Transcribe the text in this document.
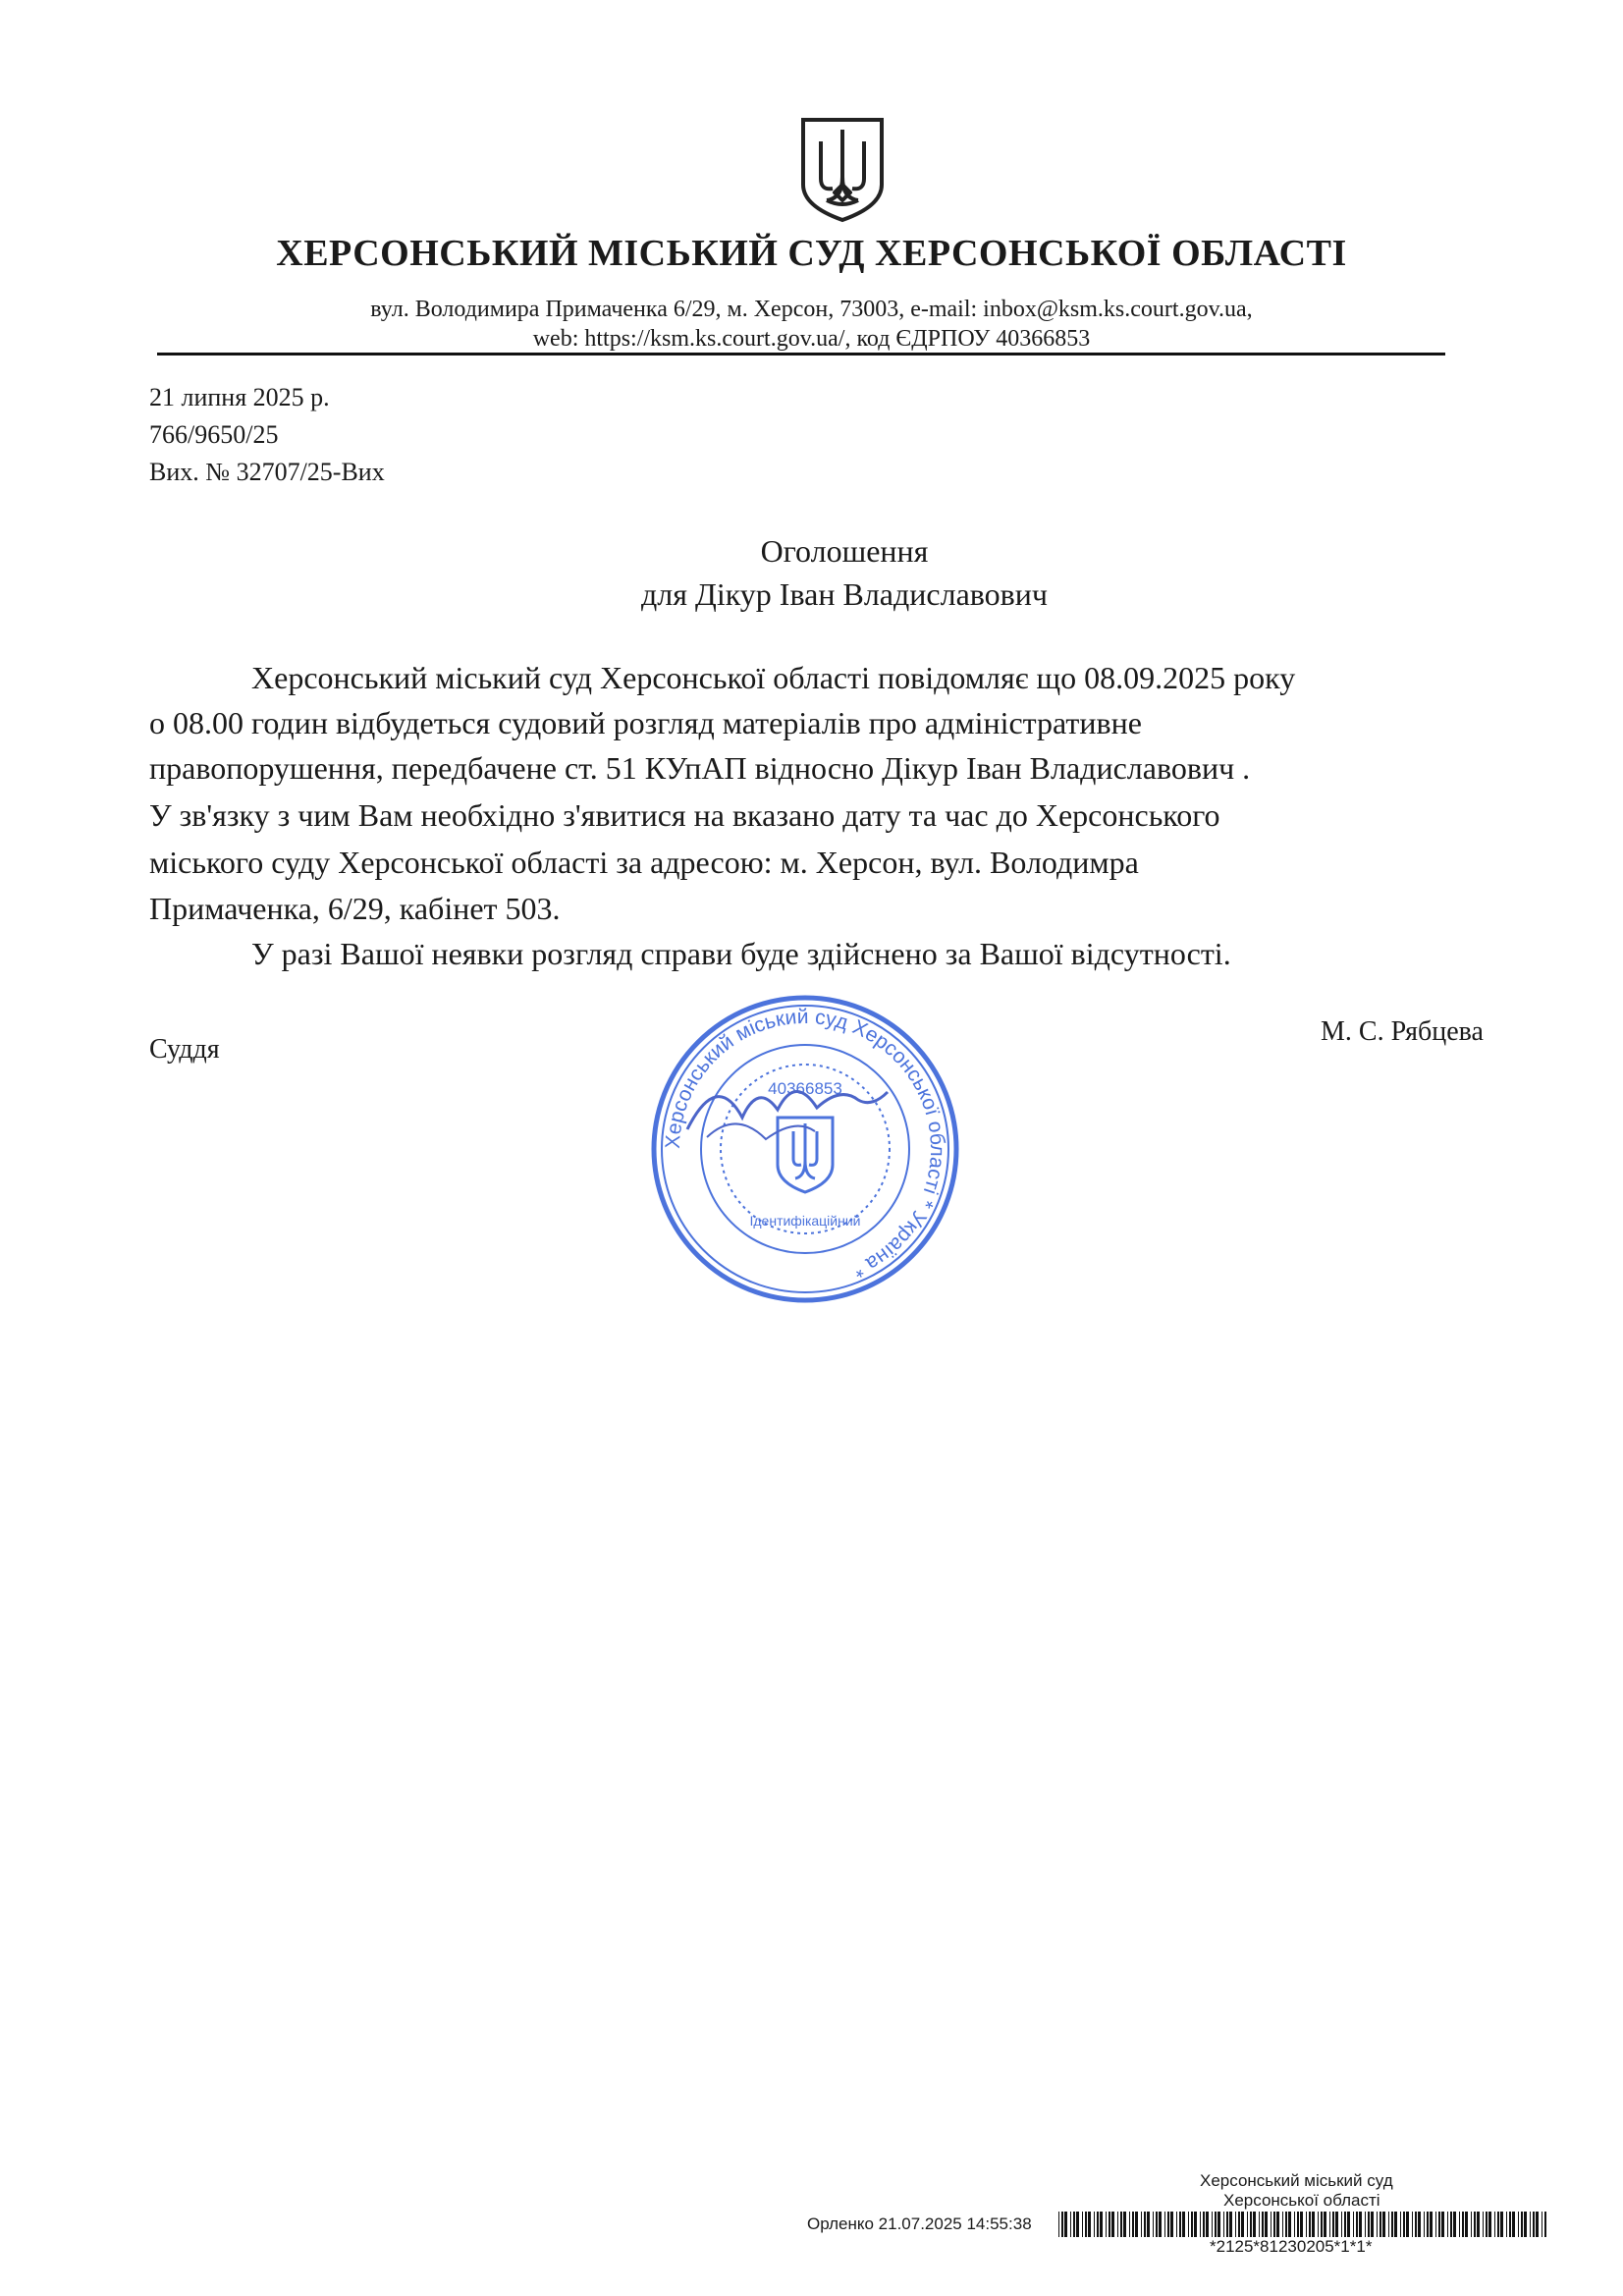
ХЕРСОНСЬКИЙ МІСЬКИЙ СУД ХЕРСОНСЬКОЇ ОБЛАСТІ
вул. Володимира Примаченка 6/29, м. Херсон, 73003, e-mail: inbox@ksm.ks.court.gov.ua,
web: https://ksm.ks.court.gov.ua/, код ЄДРПОУ 40366853
21 липня 2025 р.
766/9650/25
Вих. № 32707/25-Вих
Оголошення
для Дікур Іван Владиславович
Херсонський міський суд Херсонської області повідомляє що 08.09.2025 року
о 08.00 годин відбудеться судовий розгляд матеріалів про адміністративне
правопорушення, передбачене ст. 51 КУпАП відносно Дікур Іван Владиславович .
У зв'язку з чим Вам необхідно з'явитися на вказано дату та час до Херсонського
міського суду Херсонської області за адресою: м. Херсон, вул. Володимра
Примаченка, 6/29, кабінет 503.
У разі Вашої неявки розгляд справи буде здійснено за Вашої відсутності.
Суддя
М. С. Рябцева
Херсонський міський суд Херсонської області * Україна *
40366853
Ідентифікаційний
Херсонський міський суд
Херсонської області
Орленко 21.07.2025 14:55:38
*2125*81230205*1*1*
